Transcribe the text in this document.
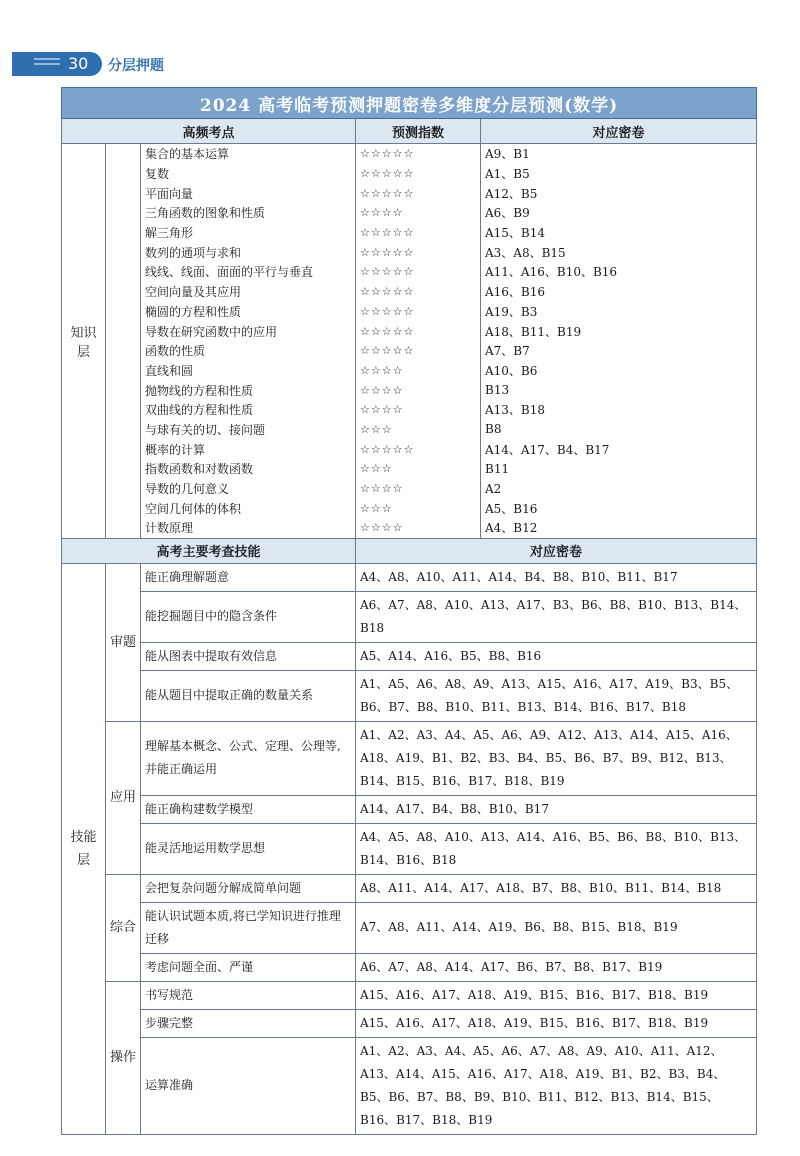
30 分层押题
2024 高考临考预测押题密卷多维度分层预测(数学)				
高频考点			预测指数	对应密卷
知识层		集合的基本运算	☆☆☆☆☆	A9、B1
		复数	☆☆☆☆☆	A1、B5
		平面向量	☆☆☆☆☆	A12、B5
		三角函数的图象和性质	☆☆☆☆	A6、B9
		解三角形	☆☆☆☆☆	A15、B14
		数列的通项与求和	☆☆☆☆☆	A3、A8、B15
		线线、线面、面面的平行与垂直	☆☆☆☆☆	A11、A16、B10、B16
		空间向量及其应用	☆☆☆☆☆	A16、B16
		椭圆的方程和性质	☆☆☆☆☆	A19、B3
		导数在研究函数中的应用	☆☆☆☆☆	A18、B11、B19
		函数的性质	☆☆☆☆☆	A7、B7
		直线和圆	☆☆☆☆	A10、B6
		抛物线的方程和性质	☆☆☆☆	B13
		双曲线的方程和性质	☆☆☆☆	A13、B18
		与球有关的切、接问题	☆☆☆	B8
		概率的计算	☆☆☆☆☆	A14、A17、B4、B17
		指数函数和对数函数	☆☆☆	B11
		导数的几何意义	☆☆☆☆	A2
		空间几何体的体积	☆☆☆	A5、B16
		计数原理	☆☆☆☆	A4、B12
高考主要考查技能			对应密卷	
技能层	审题	能正确理解题意	A4、A8、A10、A11、A14、B4、B8、B10、B11、B17	
		能挖掘题目中的隐含条件	A6、A7、A8、A10、A13、A17、B3、B6、B8、B10、B13、B14、B18	
		能从图表中提取有效信息	A5、A14、A16、B5、B8、B16	
		能从题目中提取正确的数量关系	A1、A5、A6、A8、A9、A13、A15、A16、A17、A19、B3、B5、B6、B7、B8、B10、B11、B13、B14、B16、B17、B18	
	应用	理解基本概念、公式、定理、公理等,并能正确运用	A1、A2、A3、A4、A5、A6、A9、A12、A13、A14、A15、A16、A18、A19、B1、B2、B3、B4、B5、B6、B7、B9、B12、B13、B14、B15、B16、B17、B18、B19	
		能正确构建数学模型	A14、A17、B4、B8、B10、B17	
		能灵活地运用数学思想	A4、A5、A8、A10、A13、A14、A16、B5、B6、B8、B10、B13、B14、B16、B18	
	综合	会把复杂问题分解成简单问题	A8、A11、A14、A17、A18、B7、B8、B10、B11、B14、B18	
		能认识试题本质,将已学知识进行推理迁移	A7、A8、A11、A14、A19、B6、B8、B15、B18、B19	
		考虑问题全面、严谨	A6、A7、A8、A14、A17、B6、B7、B8、B17、B19	
	操作	书写规范	A15、A16、A17、A18、A19、B15、B16、B17、B18、B19	
		步骤完整	A15、A16、A17、A18、A19、B15、B16、B17、B18、B19	
		运算准确	A1、A2、A3、A4、A5、A6、A7、A8、A9、A10、A11、A12、A13、A14、A15、A16、A17、A18、A19、B1、B2、B3、B4、B5、B6、B7、B8、B9、B10、B11、B12、B13、B14、B15、B16、B17、B18、B19	
